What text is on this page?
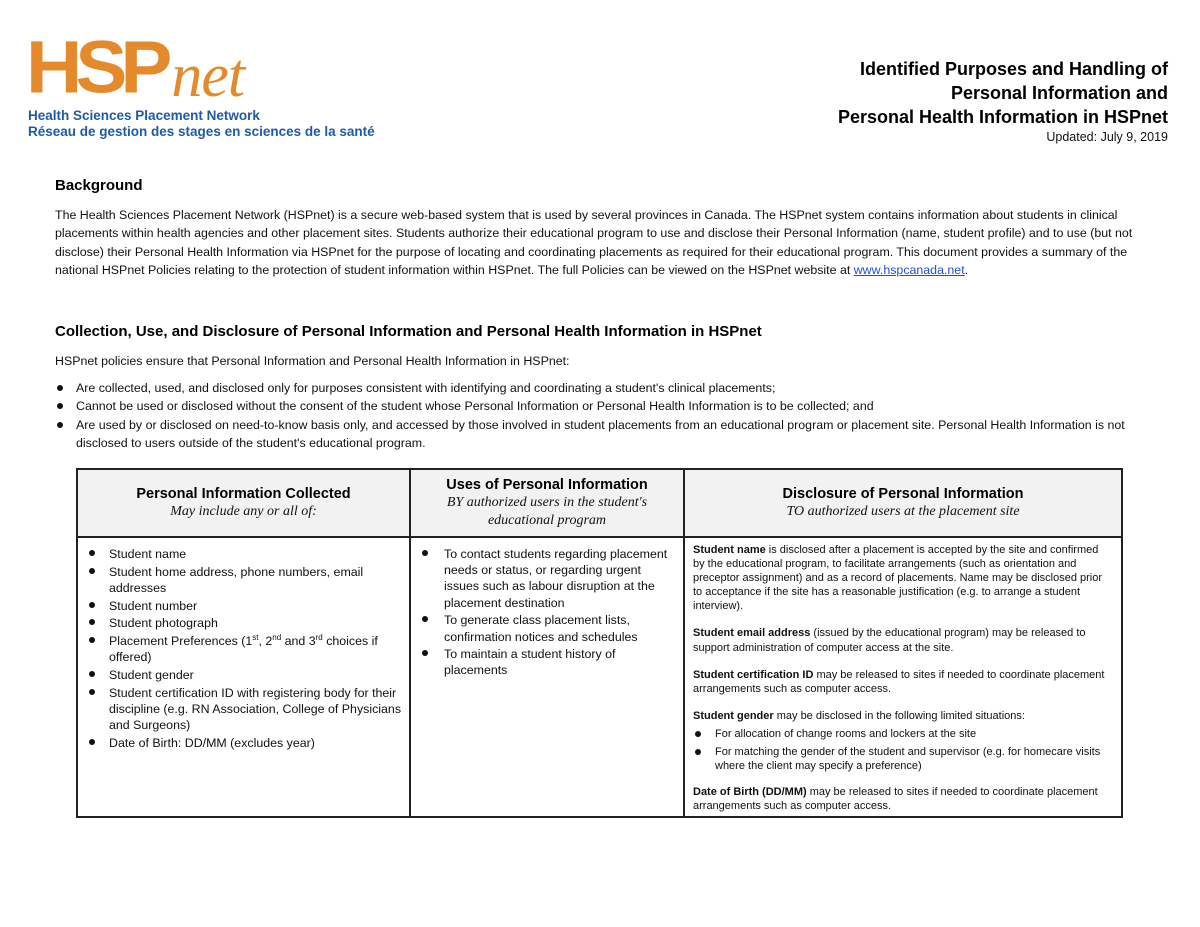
HSPnet
Health Sciences Placement Network
Réseau de gestion des stages en sciences de la santé
Identified Purposes and Handling of
Personal Information and
Personal Health Information in HSPnet
Updated: July 9, 2019
Background
The Health Sciences Placement Network (HSPnet) is a secure web-based system that is used by several provinces in Canada. The HSPnet system contains information about students in clinical placements within health agencies and other placement sites. Students authorize their educational program to use and disclose their Personal Information (name, student profile) and to use (but not disclose) their Personal Health Information via HSPnet for the purpose of locating and coordinating placements as required for their educational program. This document provides a summary of the national HSPnet Policies relating to the protection of student information within HSPnet. The full Policies can be viewed on the HSPnet website at www.hspcanada.net.
Collection, Use, and Disclosure of Personal Information and Personal Health Information in HSPnet
HSPnet policies ensure that Personal Information and Personal Health Information in HSPnet:
Are collected, used, and disclosed only for purposes consistent with identifying and coordinating a student's clinical placements;
Cannot be used or disclosed without the consent of the student whose Personal Information or Personal Health Information is to be collected; and
Are used by or disclosed on need-to-know basis only, and accessed by those involved in student placements from an educational program or placement site. Personal Health Information is not disclosed to users outside of the student's educational program.
Personal Information Collected
May include any or all of:
Student name
Student home address, phone numbers, email addresses
Student number
Student photograph
Placement Preferences (1st, 2nd and 3rd choices if offered)
Student gender
Student certification ID with registering body for their discipline (e.g. RN Association, College of Physicians and Surgeons)
Date of Birth: DD/MM (excludes year)
Uses of Personal Information
BY authorized users in the student's educational program
To contact students regarding placement needs or status, or regarding urgent issues such as labour disruption at the placement destination
To generate class placement lists, confirmation notices and schedules
To maintain a student history of placements
Disclosure of Personal Information
TO authorized users at the placement site

Student name is disclosed after a placement is accepted by the site and confirmed by the educational program, to facilitate arrangements (such as orientation and preceptor assignment) and as a record of placements. Name may be disclosed prior to acceptance if the site has a reasonable justification (e.g. to arrange a student interview).

Student email address (issued by the educational program) may be released to support administration of computer access at the site.

Student certification ID may be released to sites if needed to coordinate placement arrangements such as computer access.

Student gender may be disclosed in the following limited situations:

For allocation of change rooms and lockers at the site
For matching the gender of the student and supervisor (e.g. for homecare visits where the client may specify a preference)

Date of Birth (DD/MM) may be released to sites if needed to coordinate placement arrangements such as computer access.
